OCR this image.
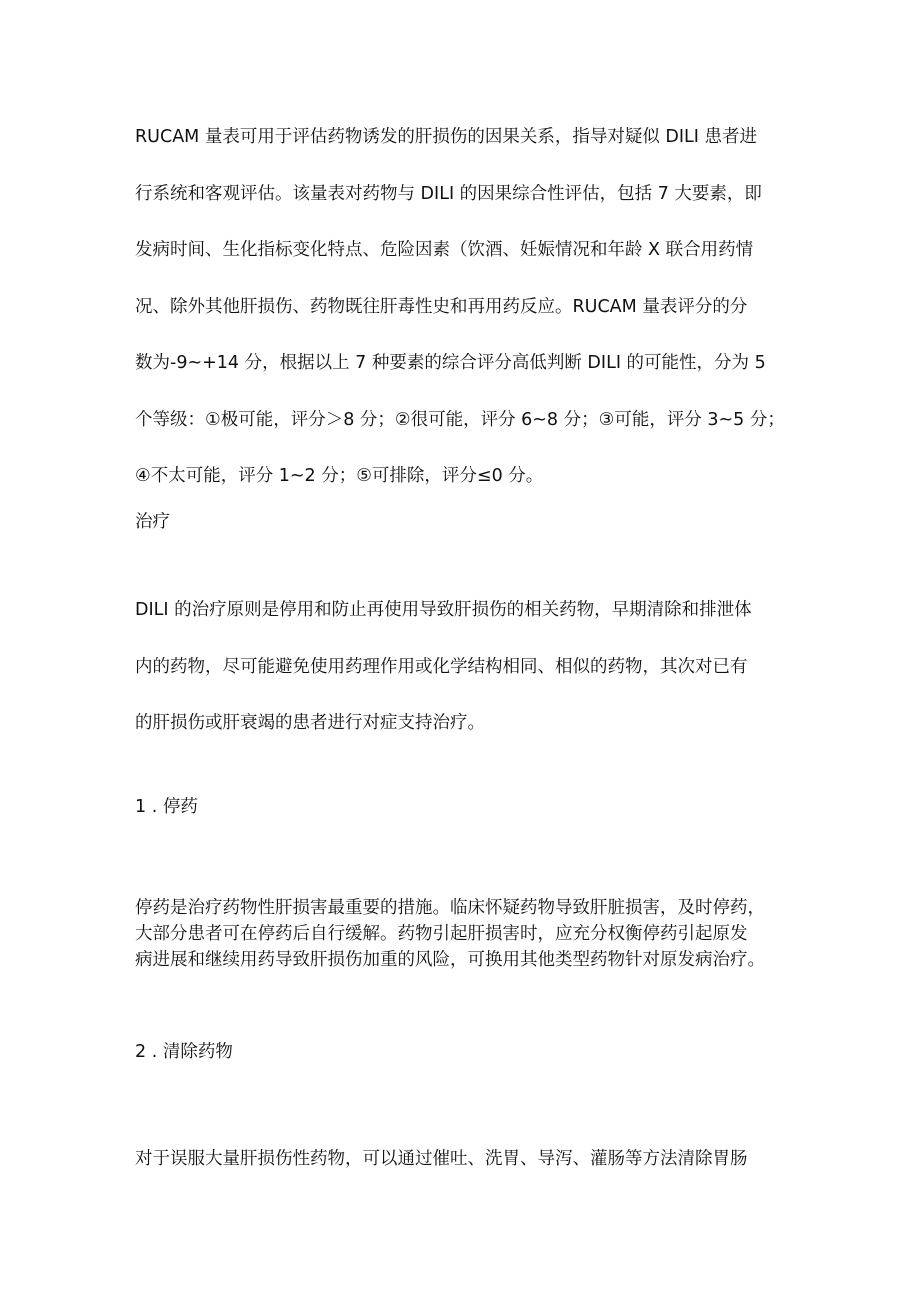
RUCAM 量表可用于评估药物诱发的肝损伤的因果关系，指导对疑似 DILI 患者进
行系统和客观评估。该量表对药物与 DILI 的因果综合性评估，包括 7 大要素，即
发病时间、生化指标变化特点、危险因素（饮酒、妊娠情况和年龄 X 联合用药情
况、除外其他肝损伤、药物既往肝毒性史和再用药反应。RUCAM 量表评分的分
数为-9~+14 分，根据以上 7 种要素的综合评分高低判断 DILI 的可能性，分为 5
个等级：①极可能，评分＞8 分；②很可能，评分 6~8 分；③可能，评分 3~5 分；
④不太可能，评分 1~2 分；⑤可排除，评分≤0 分。

治疗

DILI 的治疗原则是停用和防止再使用导致肝损伤的相关药物，早期清除和排泄体
内的药物，尽可能避免使用药理作用或化学结构相同、相似的药物，其次对已有
的肝损伤或肝衰竭的患者进行对症支持治疗。

1 . 停药

停药是治疗药物性肝损害最重要的措施。临床怀疑药物导致肝脏损害，及时停药，
大部分患者可在停药后自行缓解。药物引起肝损害时，应充分权衡停药引起原发
病进展和继续用药导致肝损伤加重的风险，可换用其他类型药物针对原发病治疗。

2 . 清除药物

对于误服大量肝损伤性药物，可以通过催吐、洗胃、导泻、灌肠等方法清除胃肠
